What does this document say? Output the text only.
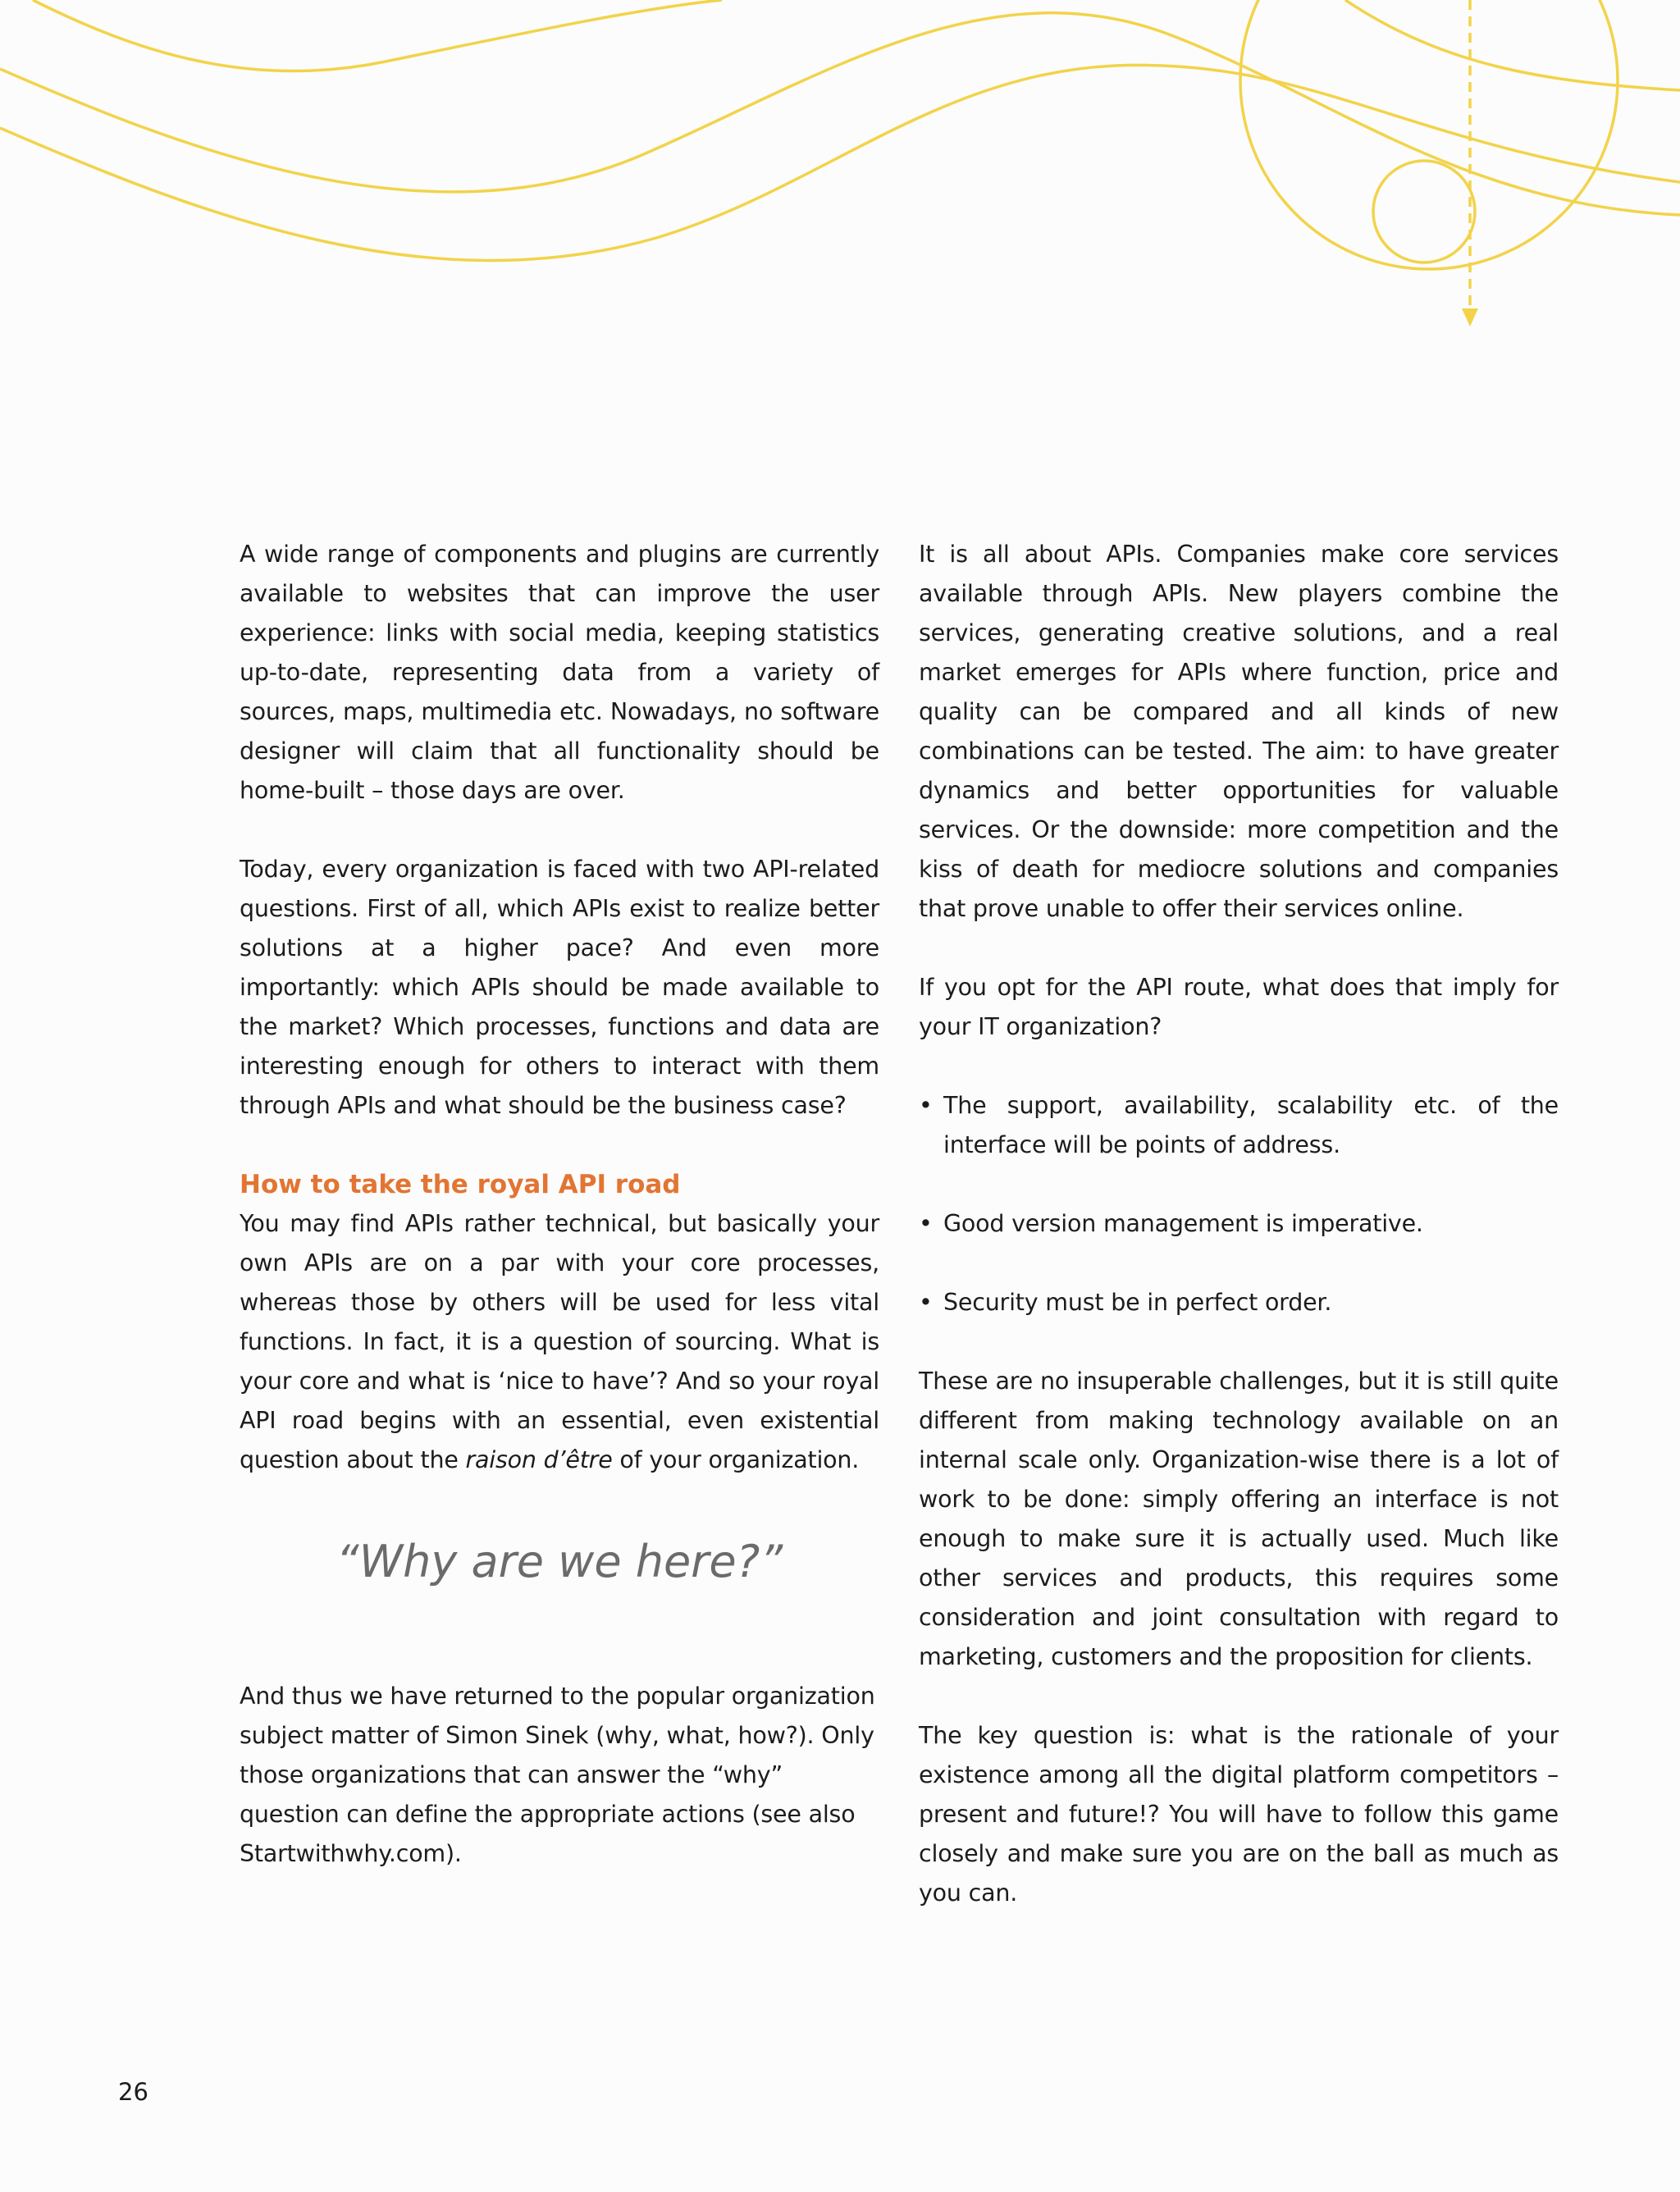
A wide range of components and plugins are currently available to websites that can improve the user experience: links with social media, keeping statistics up-to-date, representing data from a variety of sources, maps, multimedia etc. Nowadays, no software designer will claim that all functionality should be home-built – those days are over.

Today, every organization is faced with two API-related questions. First of all, which APIs exist to realize better solutions at a higher pace? And even more importantly: which APIs should be made available to the market? Which processes, functions and data are interesting enough for others to interact with them through APIs and what should be the business case?

How to take the royal API road

You may find APIs rather technical, but basically your own APIs are on a par with your core processes, whereas those by others will be used for less vital functions. In fact, it is a question of sourcing. What is your core and what is ‘nice to have’? And so your royal API road begins with an essential, even existential question about the raison d’être of your organization.

“Why are we here?”

And thus we have returned to the popular organization subject matter of Simon Sinek (why, what, how?). Only those organizations that can answer the “why” question can define the appropriate actions (see also Startwithwhy.com).

It is all about APIs. Companies make core services available through APIs. New players combine the services, generating creative solutions, and a real market emerges for APIs where function, price and quality can be compared and all kinds of new combinations can be tested. The aim: to have greater dynamics and better opportunities for valuable services. Or the downside: more competition and the kiss of death for mediocre solutions and companies that prove unable to offer their services online.

If you opt for the API route, what does that imply for your IT organization?

• The support, availability, scalability etc. of the interface will be points of address.
• Good version management is imperative.
• Security must be in perfect order.

These are no insuperable challenges, but it is still quite different from making technology available on an internal scale only. Organization-wise there is a lot of work to be done: simply offering an interface is not enough to make sure it is actually used. Much like other services and products, this requires some consideration and joint consultation with regard to marketing, customers and the proposition for clients.

The key question is: what is the rationale of your existence among all the digital platform competitors – present and future!? You will have to follow this game closely and make sure you are on the ball as much as you can.

26
